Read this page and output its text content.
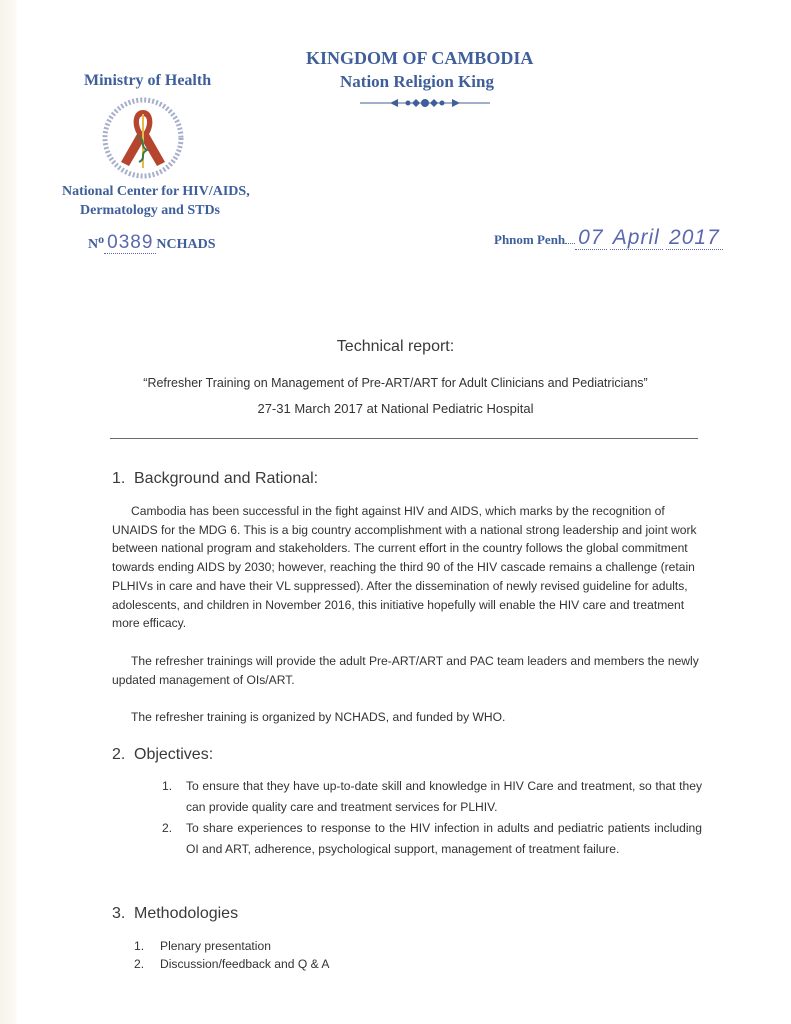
Ministry of Health
KINGDOM OF CAMBODIA
Nation Religion King
National Center for HIV/AIDS,
Dermatology and STDs
No 0389 NCHADS	Phnom Penh 07 April 2017
Technical report:
“Refresher Training on Management of Pre-ART/ART for Adult Clinicians and Pediatricians”
27-31 March 2017 at National Pediatric Hospital
1. Background and Rational:

Cambodia has been successful in the fight against HIV and AIDS, which marks by the recognition of UNAIDS for the MDG 6. This is a big country accomplishment with a national strong leadership and joint work between national program and stakeholders. The current effort in the country follows the global commitment towards ending AIDS by 2030; however, reaching the third 90 of the HIV cascade remains a challenge (retain PLHIVs in care and have their VL suppressed). After the dissemination of newly revised guideline for adults, adolescents, and children in November 2016, this initiative hopefully will enable the HIV care and treatment more efficacy.

The refresher trainings will provide the adult Pre-ART/ART and PAC team leaders and members the newly updated management of OIs/ART.

The refresher training is organized by NCHADS, and funded by WHO.

2. Objectives:
1. To ensure that they have up-to-date skill and knowledge in HIV Care and treatment, so that they can provide quality care and treatment services for PLHIV.
2. To share experiences to response to the HIV infection in adults and pediatric patients including OI and ART, adherence, psychological support, management of treatment failure.
3. Methodologies
1. Plenary presentation
2. Discussion/feedback and Q & A
